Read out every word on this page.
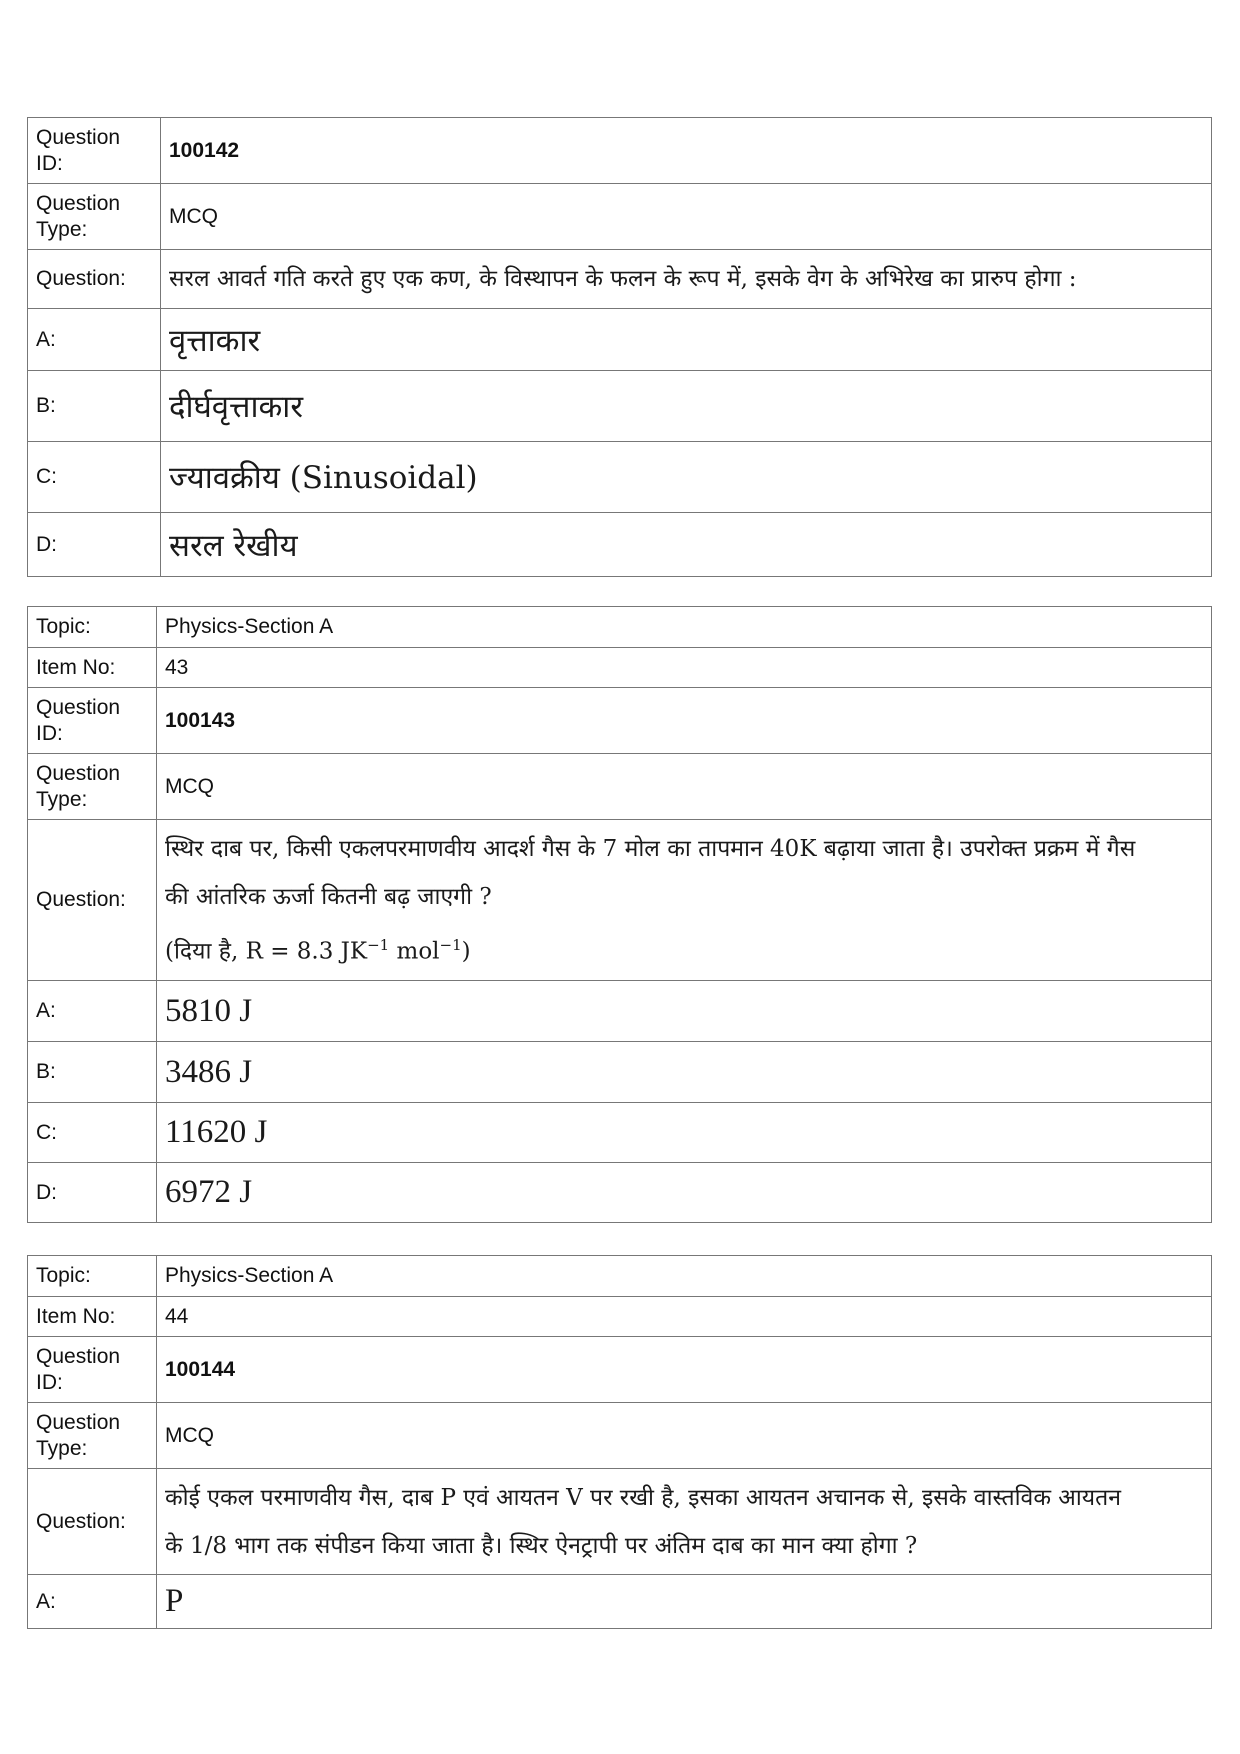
Question ID:	100142
Question Type:	MCQ
Question:	सरल आवर्त गति करते हुए एक कण, के विस्थापन के फलन के रूप में, इसके वेग के अभिरेख का प्रारुप होगा :
A:	वृत्ताकार
B:	दीर्घवृत्ताकार
C:	ज्यावक्रीय (Sinusoidal)
D:	सरल रेखीय
Topic:	Physics-Section A
Item No:	43
Question ID:	100143
Question Type:	MCQ
Question:	स्थिर दाब पर, किसी एकलपरमाणवीय आदर्श गैस के 7 मोल का तापमान 40K बढ़ाया जाता है। उपरोक्त प्रक्रम में गैस
की आंतरिक ऊर्जा कितनी बढ़ जाएगी ?
(दिया है, R = 8.3 $JK^{-1}$ mol$^{-1}$)

A:	5810 J
B:	3486 J
C:	11620 J
D:	6972 J
Topic:	Physics-Section A
Item No:	44
Question ID:	100144
Question Type:	MCQ
Question:	कोई एकल परमाणवीय गैस, दाब P एवं आयतन V पर रखी है, इसका आयतन अचानक से, इसके वास्तविक आयतन
के 1/8 भाग तक संपीडन किया जाता है। स्थिर ऐनट्रापी पर अंतिम दाब का मान क्या होगा ?

A:	P
